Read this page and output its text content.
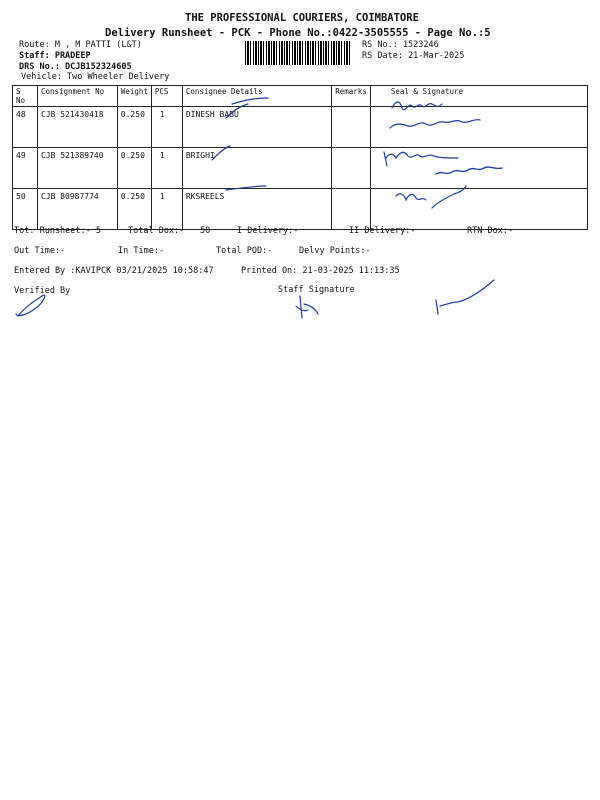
THE PROFESSIONAL COURIERS, COIMBATORE
Delivery Runsheet - PCK - Phone No.:0422-3505555 - Page No.:5
Route: M , M PATTI (L&T)
Staff: PRADEEP
DRS No.: DCJB152324605
Vehicle: Two Wheeler Delivery
RS No.: 1523246
RS Date: 21-Mar-2025
S No	Consignment No	Weight	PCS	Consignee Details	Remarks	Seal & Signature
48	CJB 521430418	0.250	1	DINESH BABU		
49	CJB 521389740	0.250	1	BRIGHI		
50	CJB 80987774	0.250	1	RKSREELS		
Tot. Runsheet:- 5	Total Dox:- 50	I Delivery:-	II Delivery:-	RTN Dox:-
Out Time:-	In Time:-	Total POD:-	Delvy Points:-
Entered By :KAVIPCK 03/21/2025 10:58:47	Printed On: 21-03-2025 11:13:35
Verified By	Staff Signature
